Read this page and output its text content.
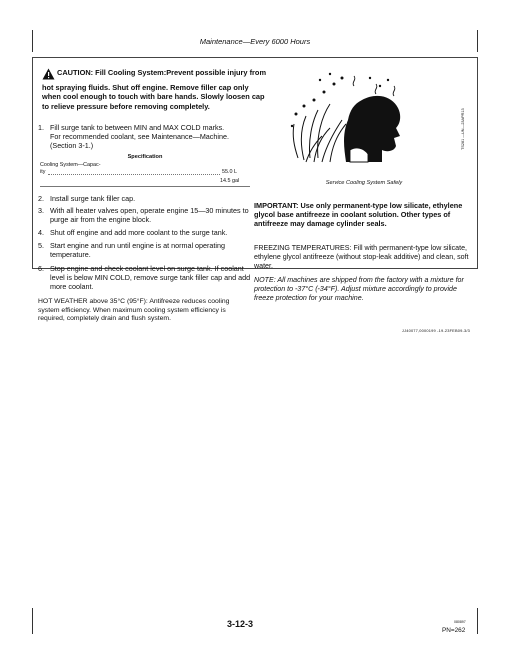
Maintenance—Every 6000 Hours
CAUTION: Fill Cooling System:Prevent possible injury from hot spraying fluids. Shut off engine. Remove filler cap only when cool enough to touch with bare hands. Slowly loosen cap to relieve pressure before removing completely.
1. Fill surge tank to between MIN and MAX COLD marks. For recommended coolant, see Maintenance—Machine. (Section 3-1.)
Specification
Cooling System—Capac-
ity	55.0 L
14.5 gal
2. Install surge tank filler cap.
3. With all heater valves open, operate engine 15—30 minutes to purge air from the engine block.
4. Shut off engine and add more coolant to the surge tank.
5. Start engine and run until engine is at normal operating temperature.
6. Stop engine and check coolant level on surge tank. If coolant level is below MIN COLD, remove surge tank filler cap and add more coolant.
HOT WEATHER above 35°C (95°F): Antifreeze reduces cooling system efficiency. When maximum cooling system efficiency is required, completely drain and flush system.
Service Cooling System Safely
TS281 —UN—23APR13
IMPORTANT: Use only permanent-type low silicate, ethylene glycol base antifreeze in coolant solution. Other types of antifreeze may damage cylinder seals.
FREEZING TEMPERATURES: Fill with permanent-type low silicate, ethylene glycol antifreeze (without stop-leak additive) and clean, soft water.
NOTE: All machines are shipped from the factory with a mixture for protection to -37°C (-34°F). Adjust mixture accordingly to provide freeze protection for your machine.
JJ40077,0000199 -19-23FEB09-3/3
3-12-3	080897
PN=262
